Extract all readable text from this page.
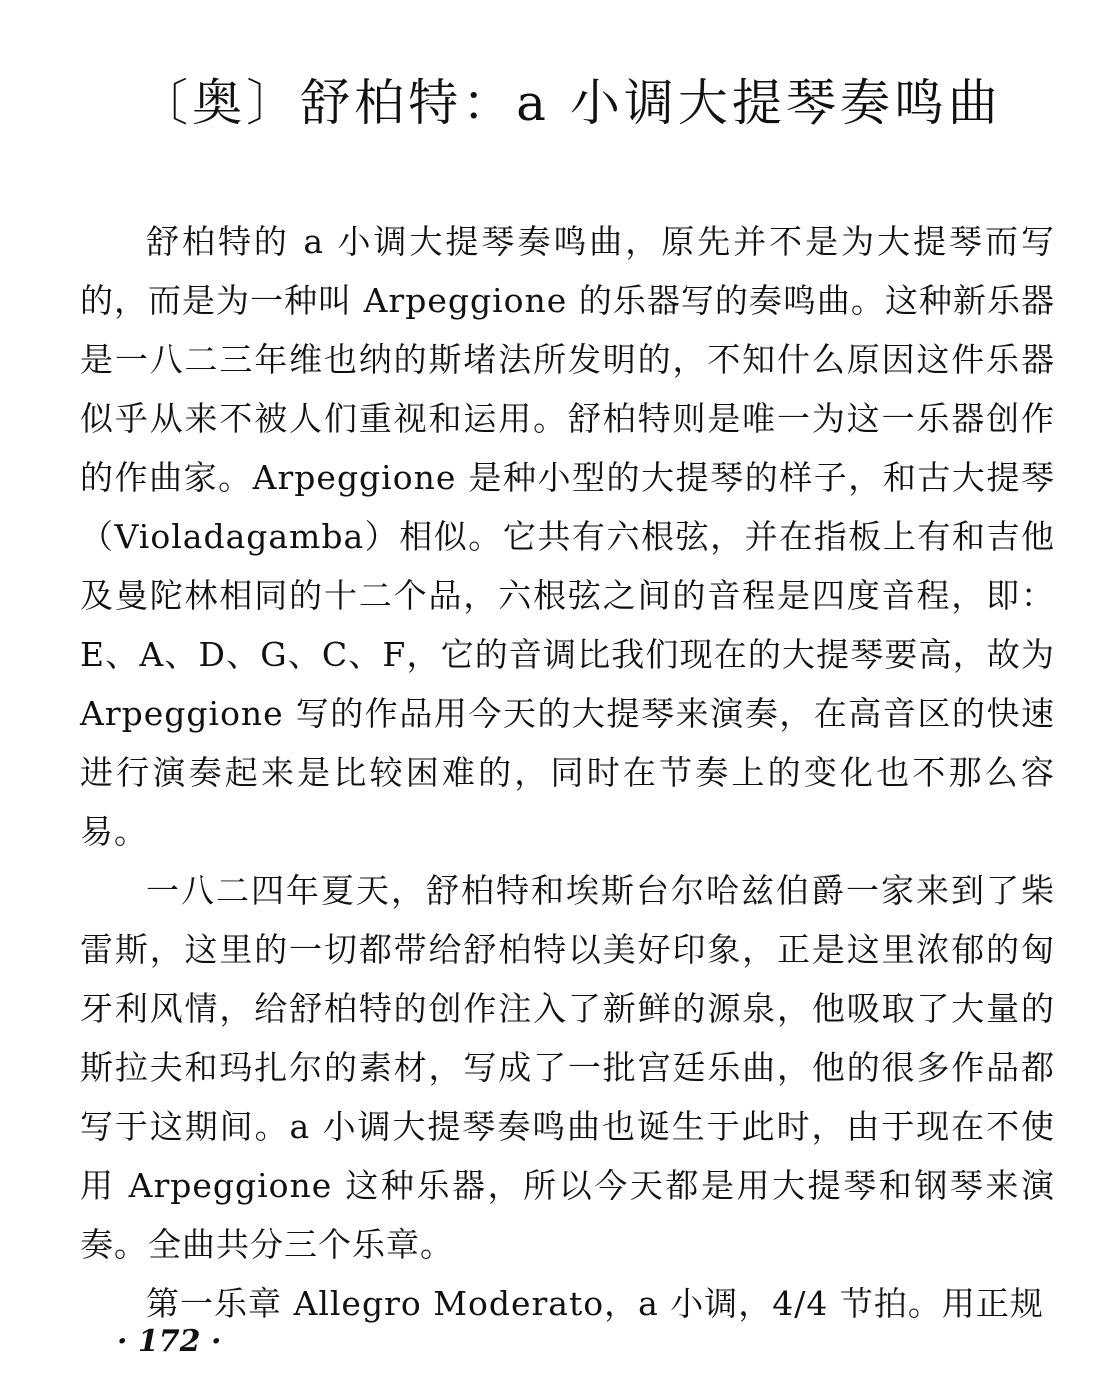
〔奥〕舒柏特：a 小调大提琴奏鸣曲

舒柏特的 a 小调大提琴奏鸣曲，原先并不是为大提琴而写的，而是为一种叫 Arpeggione 的乐器写的奏鸣曲。这种新乐器是一八二三年维也纳的斯堵法所发明的，不知什么原因这件乐器似乎从来不被人们重视和运用。舒柏特则是唯一为这一乐器创作的作曲家。Arpeggione 是种小型的大提琴的样子，和古大提琴（Violadagamba）相似。它共有六根弦，并在指板上有和吉他及曼陀林相同的十二个品，六根弦之间的音程是四度音程，即：E、A、D、G、C、F，它的音调比我们现在的大提琴要高，故为 Arpeggione 写的作品用今天的大提琴来演奏，在高音区的快速进行演奏起来是比较困难的，同时在节奏上的变化也不那么容易。

一八二四年夏天，舒柏特和埃斯台尔哈兹伯爵一家来到了柴雷斯，这里的一切都带给舒柏特以美好印象，正是这里浓郁的匈牙利风情，给舒柏特的创作注入了新鲜的源泉，他吸取了大量的斯拉夫和玛扎尔的素材，写成了一批宫廷乐曲，他的很多作品都写于这期间。a 小调大提琴奏鸣曲也诞生于此时，由于现在不使用 Arpeggione 这种乐器，所以今天都是用大提琴和钢琴来演奏。全曲共分三个乐章。

第一乐章 Allegro Moderato，a 小调，4/4 节拍。用正规

· 172 ·
